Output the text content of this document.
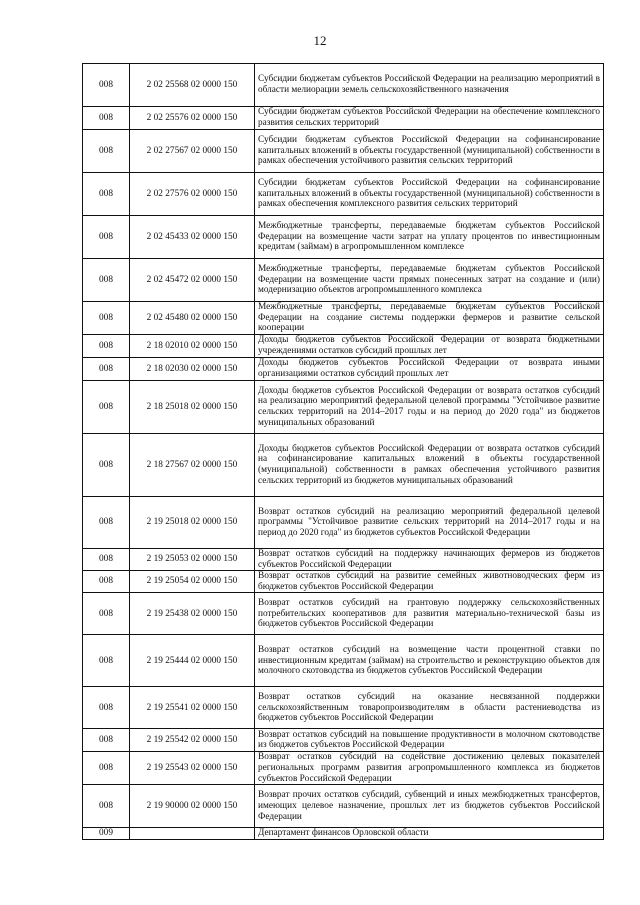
12
008	2 02 25568 02 0000 150	Субсидии бюджетам субъектов Российской Федерации на реализацию мероприятий в области мелиорации земель сельскохозяйственного назначения
008	2 02 25576 02 0000 150	Субсидии бюджетам субъектов Российской Федерации на обеспечение комплексного развития сельских территорий
008	2 02 27567 02 0000 150	Субсидии бюджетам субъектов Российской Федерации на софинансирование капитальных вложений в объекты государственной (муниципальной) собственности в рамках обеспечения устойчивого развития сельских территорий
008	2 02 27576 02 0000 150	Субсидии бюджетам субъектов Российской Федерации на софинансирование капитальных вложений в объекты государственной (муниципальной) собственности в рамках обеспечения комплексного развития сельских территорий
008	2 02 45433 02 0000 150	Межбюджетные трансферты, передаваемые бюджетам субъектов Российской Федерации на возмещение части затрат на уплату процентов по инвестиционным кредитам (займам) в агропромышленном комплексе
008	2 02 45472 02 0000 150	Межбюджетные трансферты, передаваемые бюджетам субъектов Российской Федерации на возмещение части прямых понесенных затрат на создание и (или) модернизацию объектов агропромышленного комплекса
008	2 02 45480 02 0000 150	Межбюджетные трансферты, передаваемые бюджетам субъектов Российской Федерации на создание системы поддержки фермеров и развитие сельской кооперации
008	2 18 02010 02 0000 150	Доходы бюджетов субъектов Российской Федерации от возврата бюджетными учреждениями остатков субсидий прошлых лет
008	2 18 02030 02 0000 150	Доходы бюджетов субъектов Российской Федерации от возврата иными организациями остатков субсидий прошлых лет
008	2 18 25018 02 0000 150	Доходы бюджетов субъектов Российской Федерации от возврата остатков субсидий на реализацию мероприятий федеральной целевой программы "Устойчивое развитие сельских территорий на 2014–2017 годы и на период до 2020 года" из бюджетов муниципальных образований
008	2 18 27567 02 0000 150	Доходы бюджетов субъектов Российской Федерации от возврата остатков субсидий на софинансирование капитальных вложений в объекты государственной (муниципальной) собственности в рамках обеспечения устойчивого развития сельских территорий из бюджетов муниципальных образований
008	2 19 25018 02 0000 150	Возврат остатков субсидий на реализацию мероприятий федеральной целевой программы "Устойчивое развитие сельских территорий на 2014–2017 годы и на период до 2020 года" из бюджетов субъектов Российской Федерации
008	2 19 25053 02 0000 150	Возврат остатков субсидий на поддержку начинающих фермеров из бюджетов субъектов Российской Федерации
008	2 19 25054 02 0000 150	Возврат остатков субсидий на развитие семейных животноводческих ферм из бюджетов субъектов Российской Федерации
008	2 19 25438 02 0000 150	Возврат остатков субсидий на грантовую поддержку сельскохозяйственных потребительских кооперативов для развития материально-технической базы из бюджетов субъектов Российской Федерации
008	2 19 25444 02 0000 150	Возврат остатков субсидий на возмещение части процентной ставки по инвестиционным кредитам (займам) на строительство и реконструкцию объектов для молочного скотоводства из бюджетов субъектов Российской Федерации
008	2 19 25541 02 0000 150	Возврат остатков субсидий на оказание несвязанной поддержки сельскохозяйственным товаропроизводителям в области растениеводства из бюджетов субъектов Российской Федерации
008	2 19 25542 02 0000 150	Возврат остатков субсидий на повышение продуктивности в молочном скотоводстве из бюджетов субъектов Российской Федерации
008	2 19 25543 02 0000 150	Возврат остатков субсидий на содействие достижению целевых показателей региональных программ развития агропромышленного комплекса из бюджетов субъектов Российской Федерации
008	2 19 90000 02 0000 150	Возврат прочих остатков субсидий, субвенций и иных межбюджетных трансфертов, имеющих целевое назначение, прошлых лет из бюджетов субъектов Российской Федерации
009		Департамент финансов Орловской области
